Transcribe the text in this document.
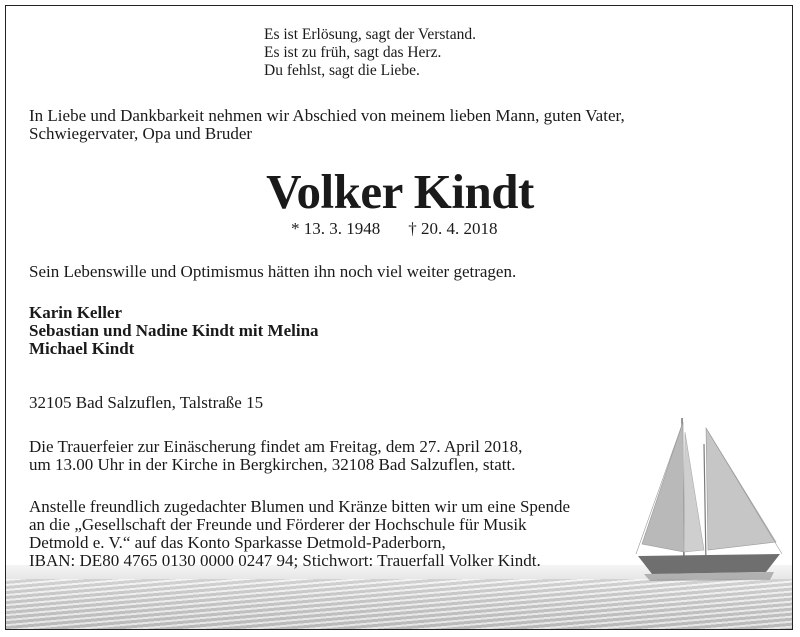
Es ist Erlösung, sagt der Verstand.
Es ist zu früh, sagt das Herz.
Du fehlst, sagt die Liebe.
In Liebe und Dankbarkeit nehmen wir Abschied von meinem lieben Mann, guten Vater,
Schwiegervater, Opa und Bruder
Volker Kindt
* 13. 3. 1948 † 20. 4. 2018
Sein Lebenswille und Optimismus hätten ihn noch viel weiter getragen.
Karin Keller
Sebastian und Nadine Kindt mit Melina
Michael Kindt
32105 Bad Salzuflen, Talstraße 15
Die Trauerfeier zur Einäscherung findet am Freitag, dem 27. April 2018,
um 13.00 Uhr in der Kirche in Bergkirchen, 32108 Bad Salzuflen, statt.
Anstelle freundlich zugedachter Blumen und Kränze bitten wir um eine Spende
an die „Gesellschaft der Freunde und Förderer der Hochschule für Musik
Detmold e. V.“ auf das Konto Sparkasse Detmold-Paderborn,
IBAN: DE80 4765 0130 0000 0247 94; Stichwort: Trauerfall Volker Kindt.
